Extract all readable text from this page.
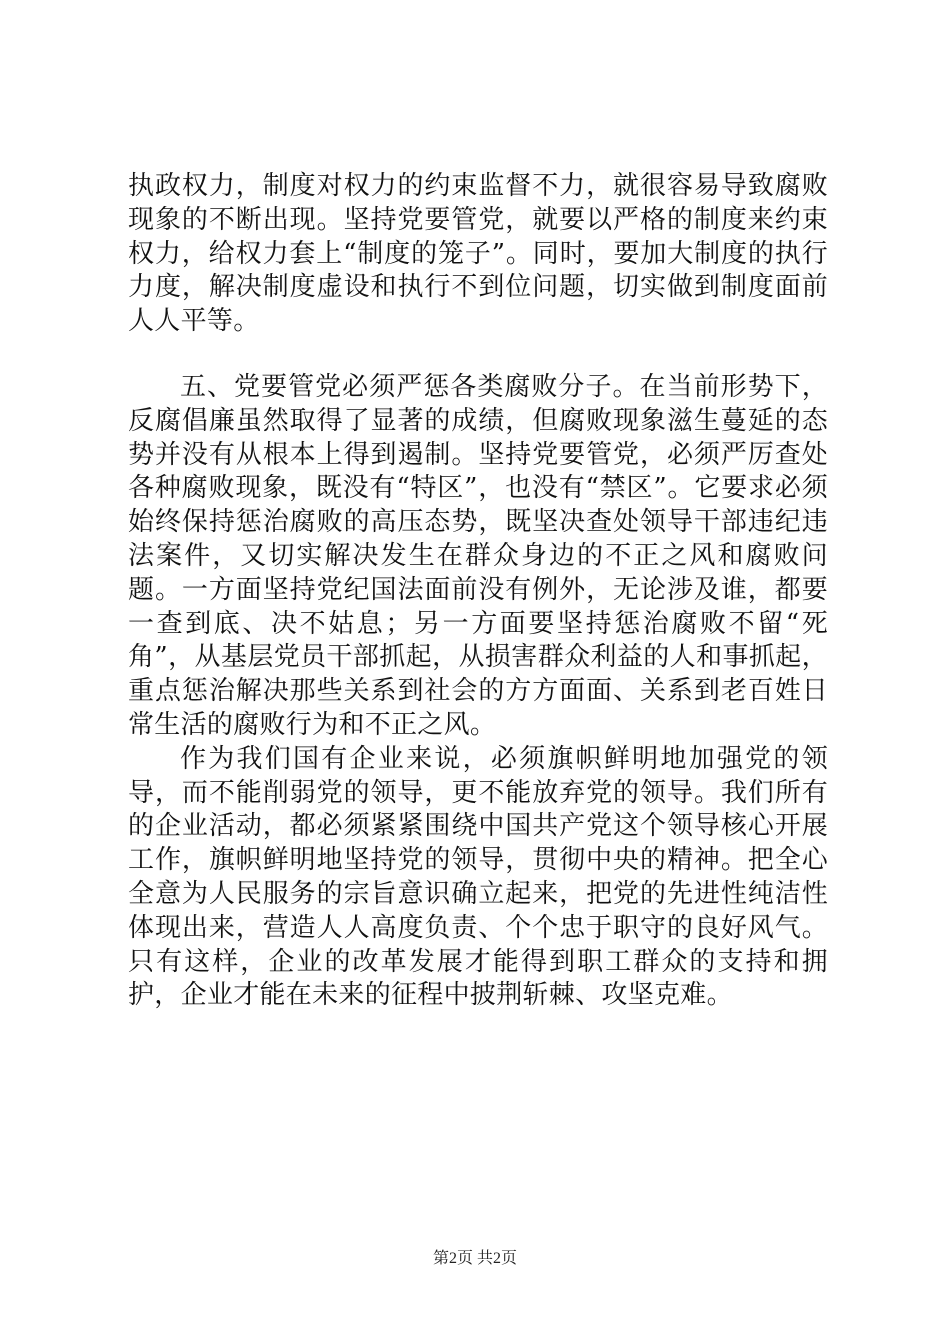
执政权力，制度对权力的约束监督不力，就很容易导致腐败现象的不断出现。坚持党要管党，就要以严格的制度来约束权力，给权力套上“制度的笼子”。同时，要加大制度的执行力度，解决制度虚设和执行不到位问题，切实做到制度面前人人平等。

五、党要管党必须严惩各类腐败分子。在当前形势下，反腐倡廉虽然取得了显著的成绩，但腐败现象滋生蔓延的态势并没有从根本上得到遏制。坚持党要管党，必须严厉查处各种腐败现象，既没有“特区”，也没有“禁区”。它要求必须始终保持惩治腐败的高压态势，既坚决查处领导干部违纪违法案件，又切实解决发生在群众身边的不正之风和腐败问题。一方面坚持党纪国法面前没有例外，无论涉及谁，都要一查到底、决不姑息；另一方面要坚持惩治腐败不留“死角”，从基层党员干部抓起，从损害群众利益的人和事抓起，重点惩治解决那些关系到社会的方方面面、关系到老百姓日常生活的腐败行为和不正之风。

作为我们国有企业来说，必须旗帜鲜明地加强党的领导，而不能削弱党的领导，更不能放弃党的领导。我们所有的企业活动，都必须紧紧围绕中国共产党这个领导核心开展工作，旗帜鲜明地坚持党的领导，贯彻中央的精神。把全心全意为人民服务的宗旨意识确立起来，把党的先进性纯洁性体现出来，营造人人高度负责、个个忠于职守的良好风气。只有这样，企业的改革发展才能得到职工群众的支持和拥护，企业才能在未来的征程中披荆斩棘、攻坚克难。

第2页 共2页
